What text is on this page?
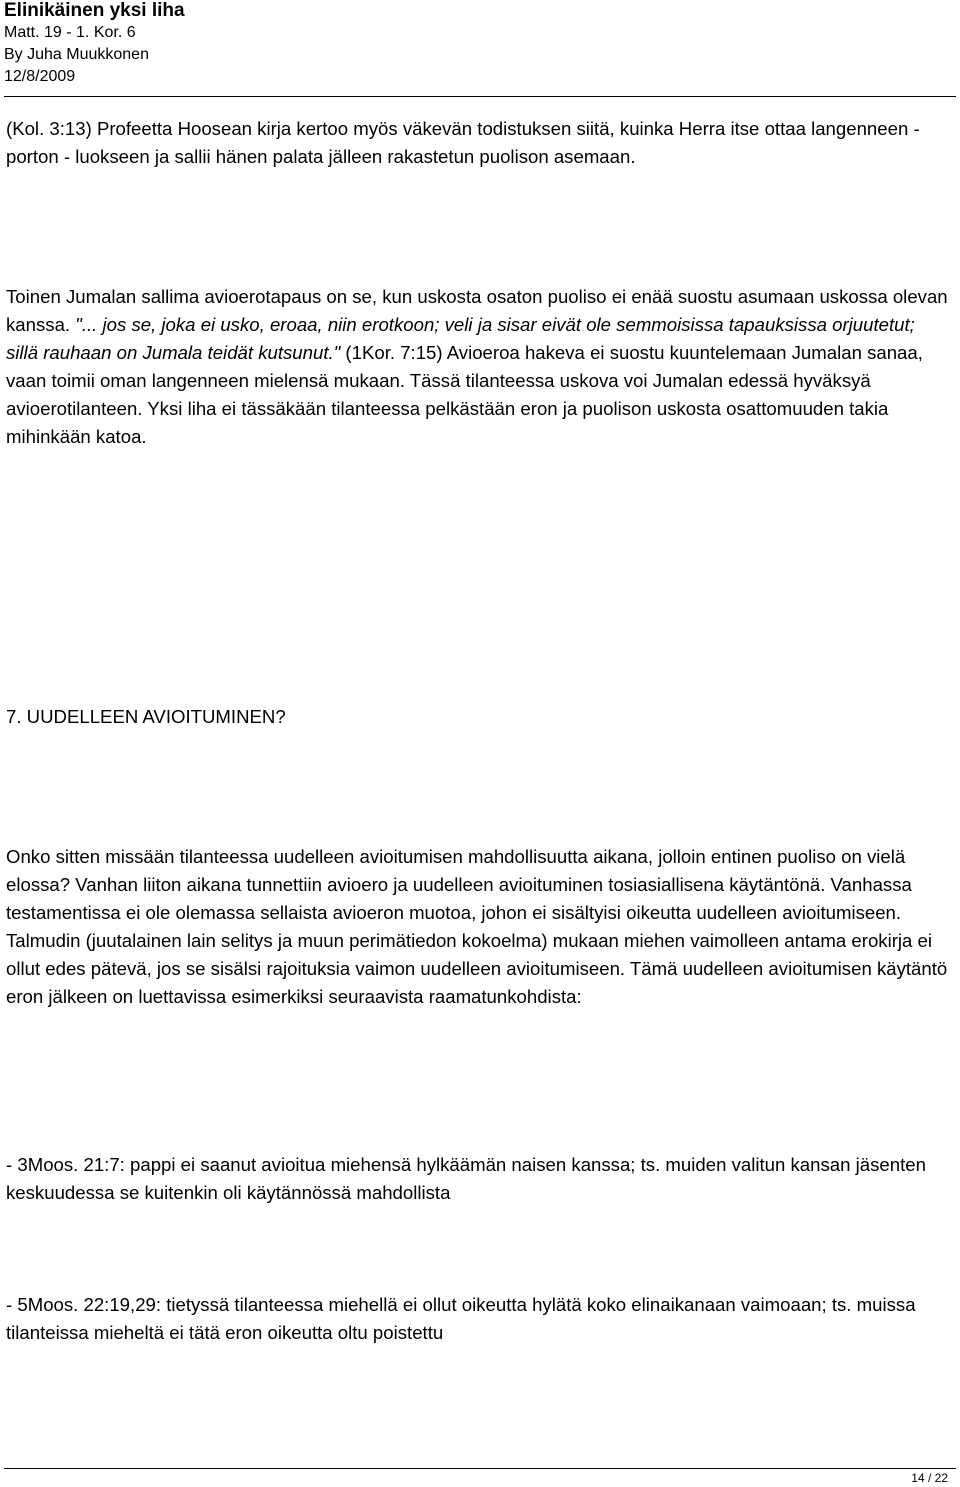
Elinikäinen yksi liha
Matt. 19 - 1. Kor. 6
By Juha Muukkonen
12/8/2009

(Kol. 3:13) Profeetta Hoosean kirja kertoo myös väkevän todistuksen siitä, kuinka Herra itse ottaa langenneen - porton - luokseen ja sallii hänen palata jälleen rakastetun puolison asemaan.

Toinen Jumalan sallima avioerotapaus on se, kun uskosta osaton puoliso ei enää suostu asumaan uskossa olevan kanssa. "... jos se, joka ei usko, eroaa, niin erotkoon; veli ja sisar eivät ole semmoisissa tapauksissa orjuutetut; sillä rauhaan on Jumala teidät kutsunut." (1Kor. 7:15) Avioeroa hakeva ei suostu kuuntelemaan Jumalan sanaa, vaan toimii oman langenneen mielensä mukaan. Tässä tilanteessa uskova voi Jumalan edessä hyväksyä avioerotilanteen. Yksi liha ei tässäkään tilanteessa pelkästään eron ja puolison uskosta osattomuuden takia mihinkään katoa.

7. UUDELLEEN AVIOITUMINEN?

Onko sitten missään tilanteessa uudelleen avioitumisen mahdollisuutta aikana, jolloin entinen puoliso on vielä elossa? Vanhan liiton aikana tunnettiin avioero ja uudelleen avioituminen tosiasiallisena käytäntönä. Vanhassa testamentissa ei ole olemassa sellaista avioeron muotoa, johon ei sisältyisi oikeutta uudelleen avioitumiseen. Talmudin (juutalainen lain selitys ja muun perimätiedon kokoelma) mukaan miehen vaimolleen antama erokirja ei ollut edes pätevä, jos se sisälsi rajoituksia vaimon uudelleen avioitumiseen. Tämä uudelleen avioitumisen käytäntö eron jälkeen on luettavissa esimerkiksi seuraavista raamatunkohdista:

- 3Moos. 21:7: pappi ei saanut avioitua miehensä hylkäämän naisen kanssa; ts. muiden valitun kansan jäsenten keskuudessa se kuitenkin oli käytännössä mahdollista

- 5Moos. 22:19,29: tietyssä tilanteessa miehellä ei ollut oikeutta hylätä koko elinaikanaan vaimoaan; ts. muissa tilanteissa mieheltä ei tätä eron oikeutta oltu poistettu

14 / 22
